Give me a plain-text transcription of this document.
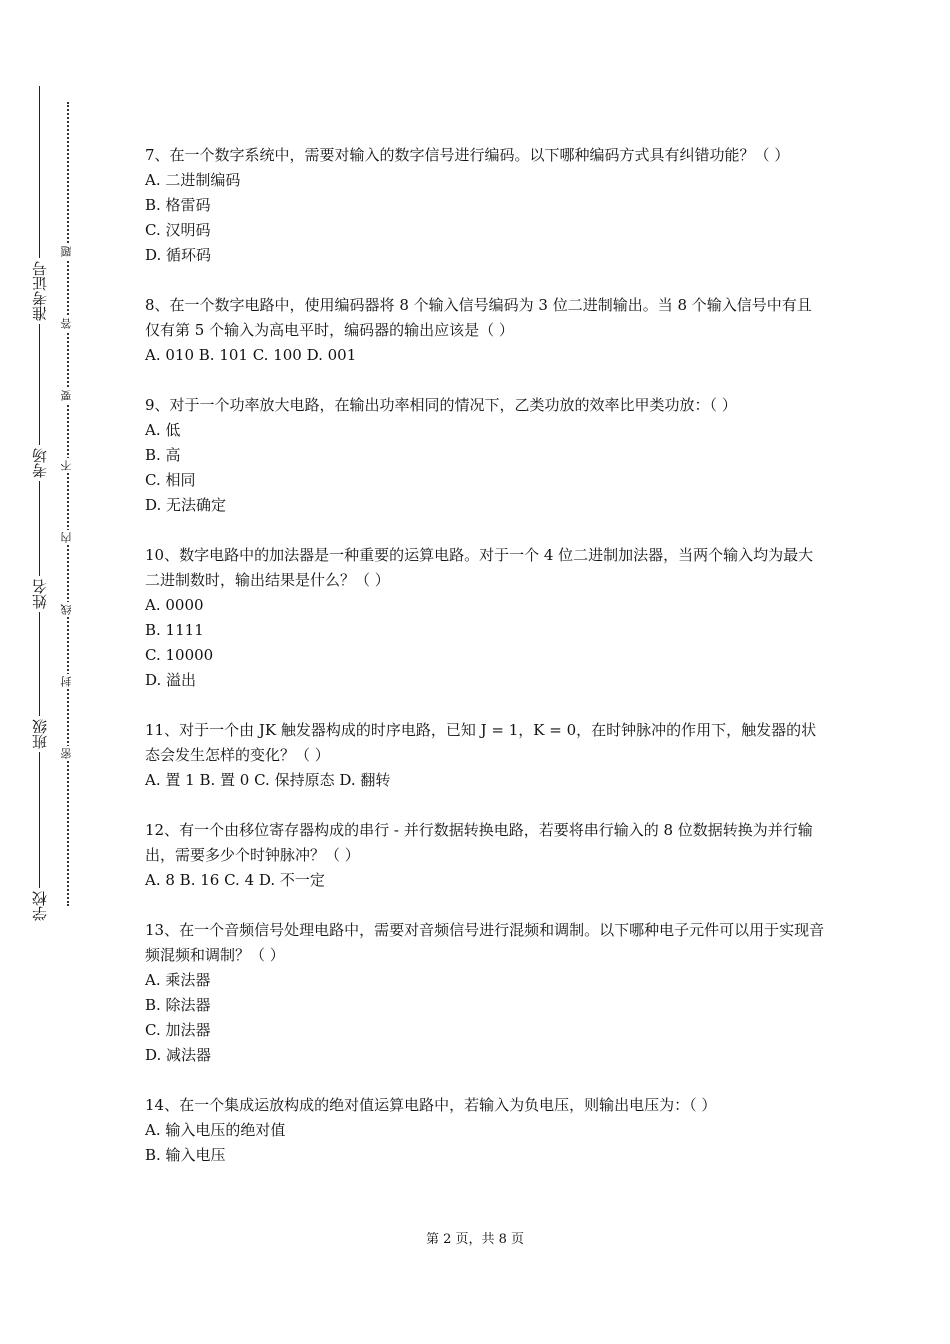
准考证号
考场
姓名
班级
学校
题
答
要
不
内
线
封
密
7、在一个数字系统中，需要对输入的数字信号进行编码。以下哪种编码方式具有纠错功能？（ ）
A. 二进制编码
B. 格雷码
C. 汉明码
D. 循环码
8、在一个数字电路中，使用编码器将 8 个输入信号编码为 3 位二进制输出。当 8 个输入信号中有且仅有第 5 个输入为高电平时，编码器的输出应该是（ ）
A. 010 B. 101 C. 100 D. 001
9、对于一个功率放大电路，在输出功率相同的情况下，乙类功放的效率比甲类功放：（ ）
A. 低
B. 高
C. 相同
D. 无法确定
10、数字电路中的加法器是一种重要的运算电路。对于一个 4 位二进制加法器，当两个输入均为最大二进制数时，输出结果是什么？（ ）
A. 0000
B. 1111
C. 10000
D. 溢出
11、对于一个由 JK 触发器构成的时序电路，已知 J = 1，K = 0，在时钟脉冲的作用下，触发器的状态会发生怎样的变化？（ ）
A. 置 1 B. 置 0 C. 保持原态 D. 翻转
12、有一个由移位寄存器构成的串行 - 并行数据转换电路，若要将串行输入的 8 位数据转换为并行输出，需要多少个时钟脉冲？（ ）
A. 8 B. 16 C. 4 D. 不一定
13、在一个音频信号处理电路中，需要对音频信号进行混频和调制。以下哪种电子元件可以用于实现音频混频和调制？（ ）
A. 乘法器
B. 除法器
C. 加法器
D. 减法器
14、在一个集成运放构成的绝对值运算电路中，若输入为负电压，则输出电压为：（ ）
A. 输入电压的绝对值
B. 输入电压
第 2 页，共 8 页
